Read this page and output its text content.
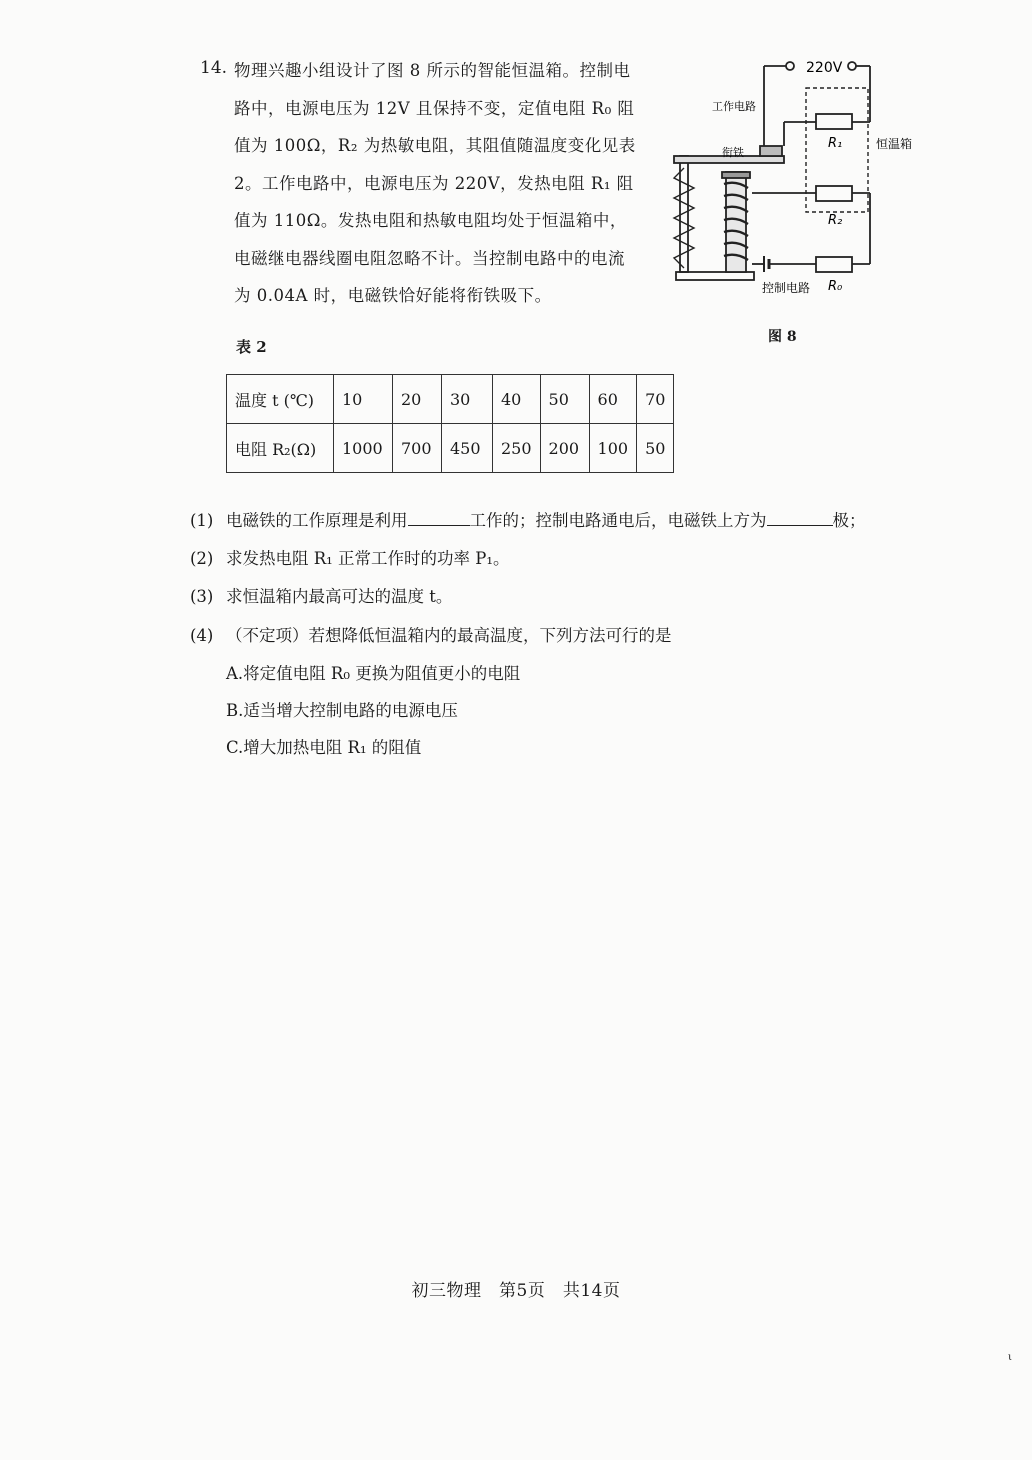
14. 物理兴趣小组设计了图 8 所示的智能恒温箱。控制电
路中，电源电压为 12V 且保持不变，定值电阻 R₀ 阻
值为 100Ω，R₂ 为热敏电阻，其阻值随温度变化见表
2。工作电路中，电源电压为 220V，发热电阻 R₁ 阻
值为 110Ω。发热电阻和热敏电阻均处于恒温箱中，
电磁继电器线圈电阻忽略不计。当控制电路中的电流
为 0.04A 时，电磁铁恰好能将衔铁吸下。
220V
工作电路
衔铁
R₁	恒温箱
R₂
控制电路 R₀
图 8
表 2
温度 t (℃)	10	20	30	40	50	60	70
电阻 R₂(Ω)	1000	700	450	250	200	100	50
(1) 电磁铁的工作原理是利用	工作的；控制电路通电后，电磁铁上方为	极；
(2) 求发热电阻 R₁ 正常工作时的功率 P₁。
(3) 求恒温箱内最高可达的温度 t。
(4) （不定项）若想降低恒温箱内的最高温度，下列方法可行的是
A.将定值电阻 R₀ 更换为阻值更小的电阻
B.适当增大控制电路的电源电压
C.增大加热电阻 R₁ 的阻值
初三物理　第5页　共14页
ι
